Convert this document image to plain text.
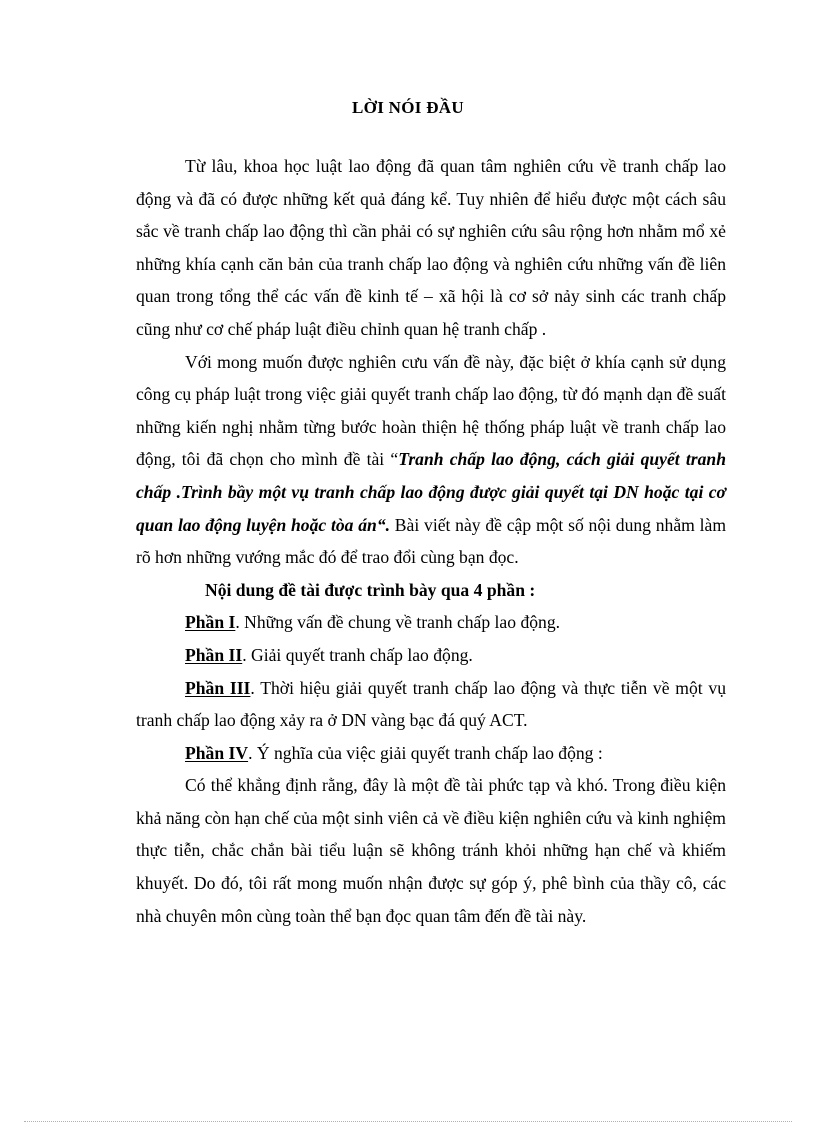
LỜI NÓI ĐẦU

Từ lâu, khoa học luật lao động đã quan tâm nghiên cứu về tranh chấp lao động và đã có được những kết quả đáng kể. Tuy nhiên để hiểu được một cách sâu sắc về tranh chấp lao động thì cần phải có sự nghiên cứu sâu rộng hơn nhằm mổ xẻ những khía cạnh căn bản của tranh chấp lao động và nghiên cứu những vấn đề liên quan trong tổng thể các vấn đề kinh tế – xã hội là cơ sở nảy sinh các tranh chấp cũng như cơ chế pháp luật điều chỉnh quan hệ tranh chấp .

Với mong muốn được nghiên cưu vấn đề này, đặc biệt ở khía cạnh sử dụng công cụ pháp luật trong việc giải quyết tranh chấp lao động, từ đó mạnh dạn đề suất những kiến nghị nhằm từng bước hoàn thiện hệ thống pháp luật về tranh chấp lao động, tôi đã chọn cho mình đề tài “Tranh chấp lao động, cách giải quyết tranh chấp .Trình bầy một vụ tranh chấp lao động được giải quyết tại DN hoặc tại cơ quan lao động luyện hoặc tòa án“. Bài viết này đề cập một số nội dung nhằm làm rõ hơn những vướng mắc đó để trao đổi cùng bạn đọc.

Nội dung đề tài được trình bày qua 4 phần :

Phần I. Những vấn đề chung về tranh chấp lao động.

Phần II. Giải quyết tranh chấp lao động.

Phần III. Thời hiệu giải quyết tranh chấp lao động và thực tiễn về một vụ tranh chấp lao động xảy ra ở DN vàng bạc đá quý ACT.

Phần IV. Ý nghĩa của việc giải quyết tranh chấp lao động :

Có thể khẳng định rằng, đây là một đề tài phức tạp và khó. Trong điều kiện khả năng còn hạn chế của một sinh viên cả về điều kiện nghiên cứu và kinh nghiệm thực tiễn, chắc chắn bài tiểu luận sẽ không tránh khỏi những hạn chế và khiếm khuyết. Do đó, tôi rất mong muốn nhận được sự góp ý, phê bình của thầy cô, các nhà chuyên môn cùng toàn thể bạn đọc quan tâm đến đề tài này.
